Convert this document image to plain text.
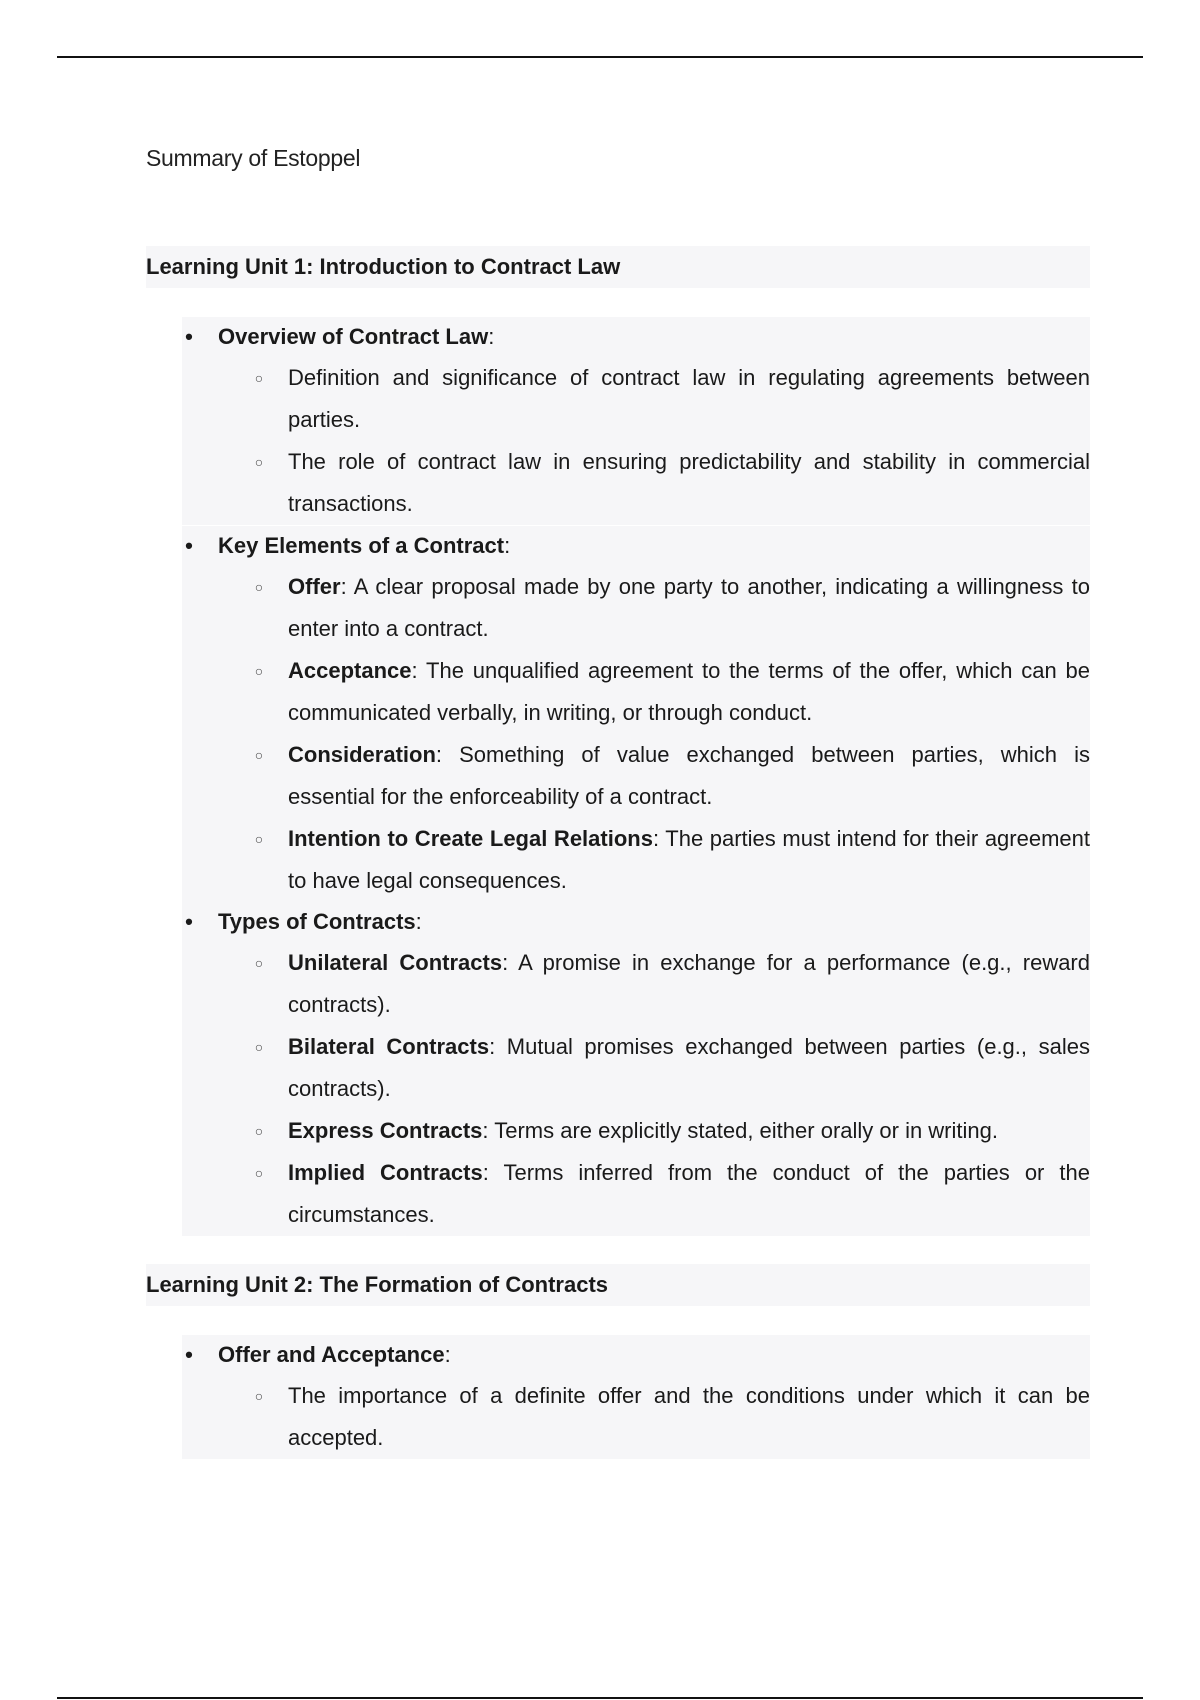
Summary of Estoppel
Learning Unit 1: Introduction to Contract Law
• Overview of Contract Law:
○ Definition and significance of contract law in regulating agreements between parties.
○ The role of contract law in ensuring predictability and stability in commercial transactions.
• Key Elements of a Contract:
○ Offer: A clear proposal made by one party to another, indicating a willingness to enter into a contract.
○ Acceptance: The unqualified agreement to the terms of the offer, which can be communicated verbally, in writing, or through conduct.
○ Consideration: Something of value exchanged between parties, which is essential for the enforceability of a contract.
○ Intention to Create Legal Relations: The parties must intend for their agreement to have legal consequences.
• Types of Contracts:
○ Unilateral Contracts: A promise in exchange for a performance (e.g., reward contracts).
○ Bilateral Contracts: Mutual promises exchanged between parties (e.g., sales contracts).
○ Express Contracts: Terms are explicitly stated, either orally or in writing.
○ Implied Contracts: Terms inferred from the conduct of the parties or the circumstances.
Learning Unit 2: The Formation of Contracts
• Offer and Acceptance:
○ The importance of a definite offer and the conditions under which it can be accepted.
